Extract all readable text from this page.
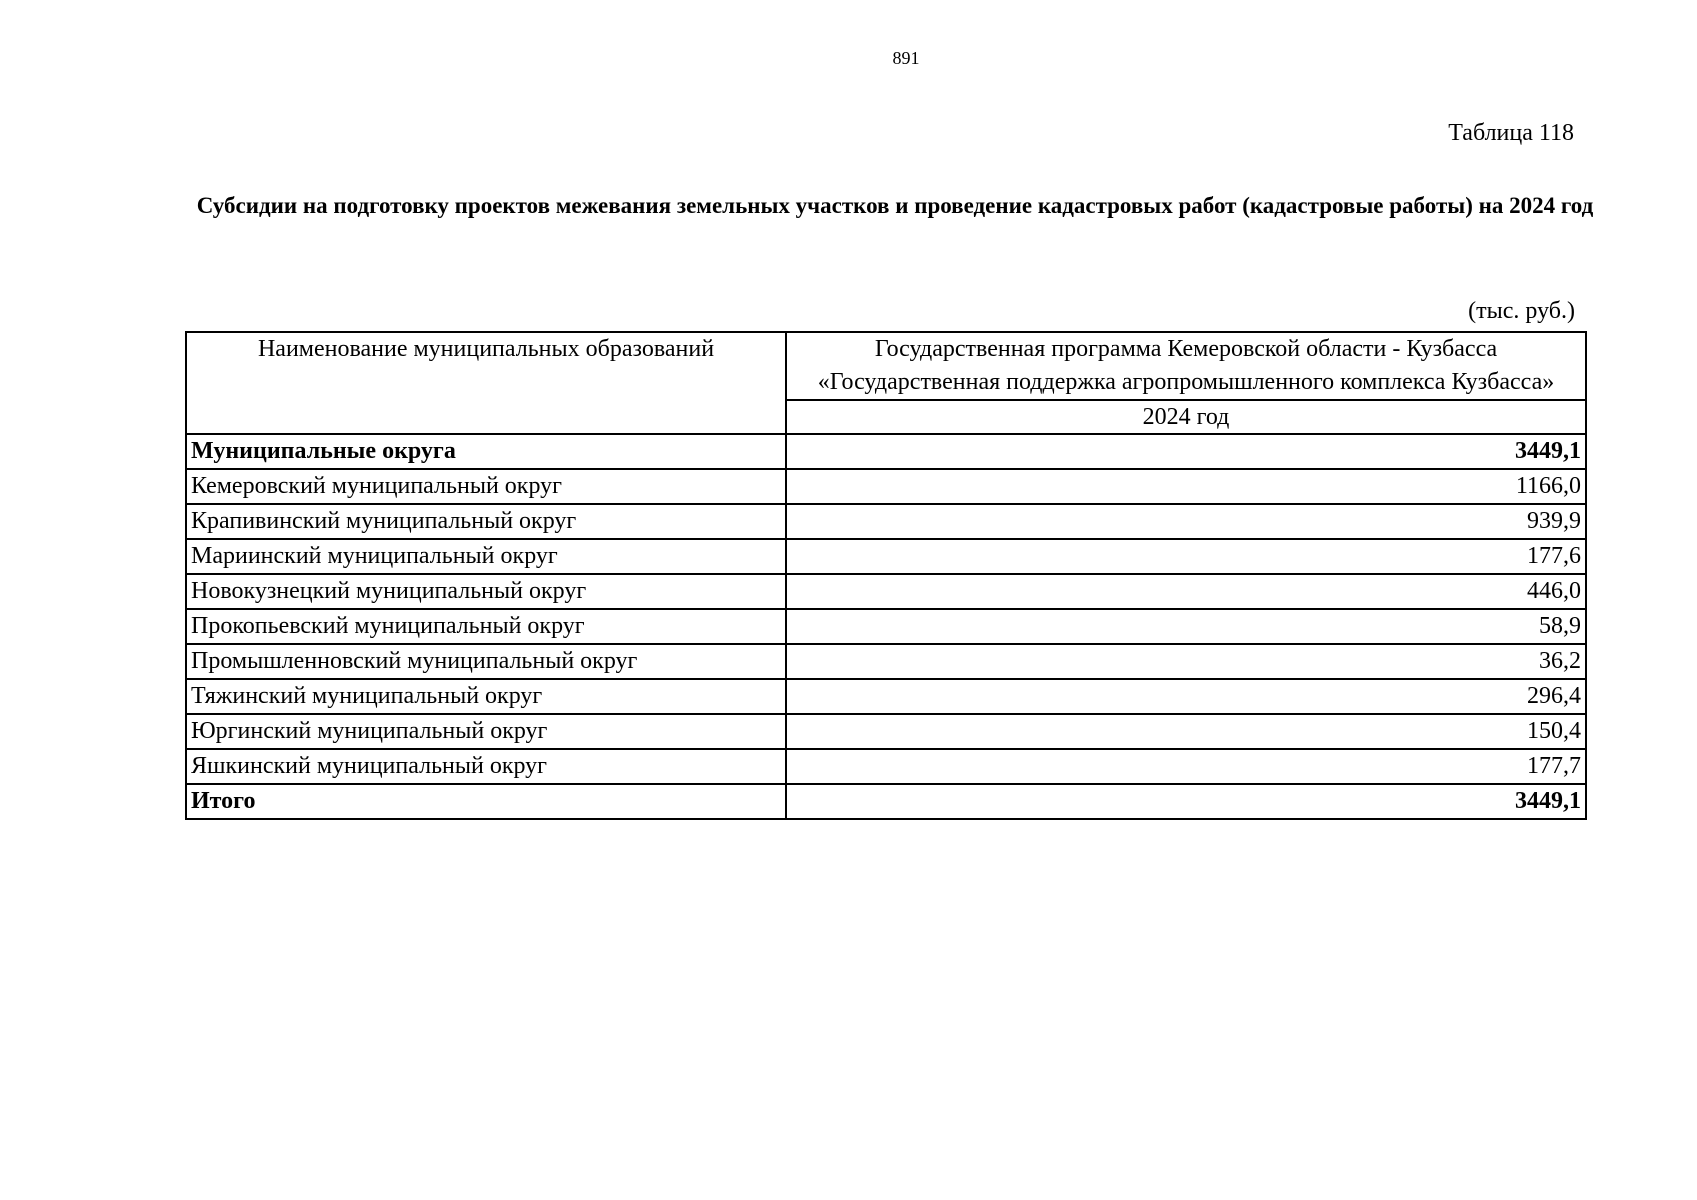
891
Таблица 118
Субсидии на подготовку проектов межевания земельных участков и проведение кадастровых работ (кадастровые работы) на 2024 год
(тыс. руб.)
Наименование муниципальных образований	Государственная программа Кемеровской области - Кузбасса «Государственная поддержка агропромышленного комплекса Кузбасса»
	2024 год
Муниципальные округа	3449,1
Кемеровский муниципальный округ	1166,0
Крапивинский муниципальный округ	939,9
Мариинский муниципальный округ	177,6
Новокузнецкий муниципальный округ	446,0
Прокопьевский муниципальный округ	58,9
Промышленновский муниципальный округ	36,2
Тяжинский муниципальный округ	296,4
Юргинский муниципальный округ	150,4
Яшкинский муниципальный округ	177,7
Итого	3449,1
